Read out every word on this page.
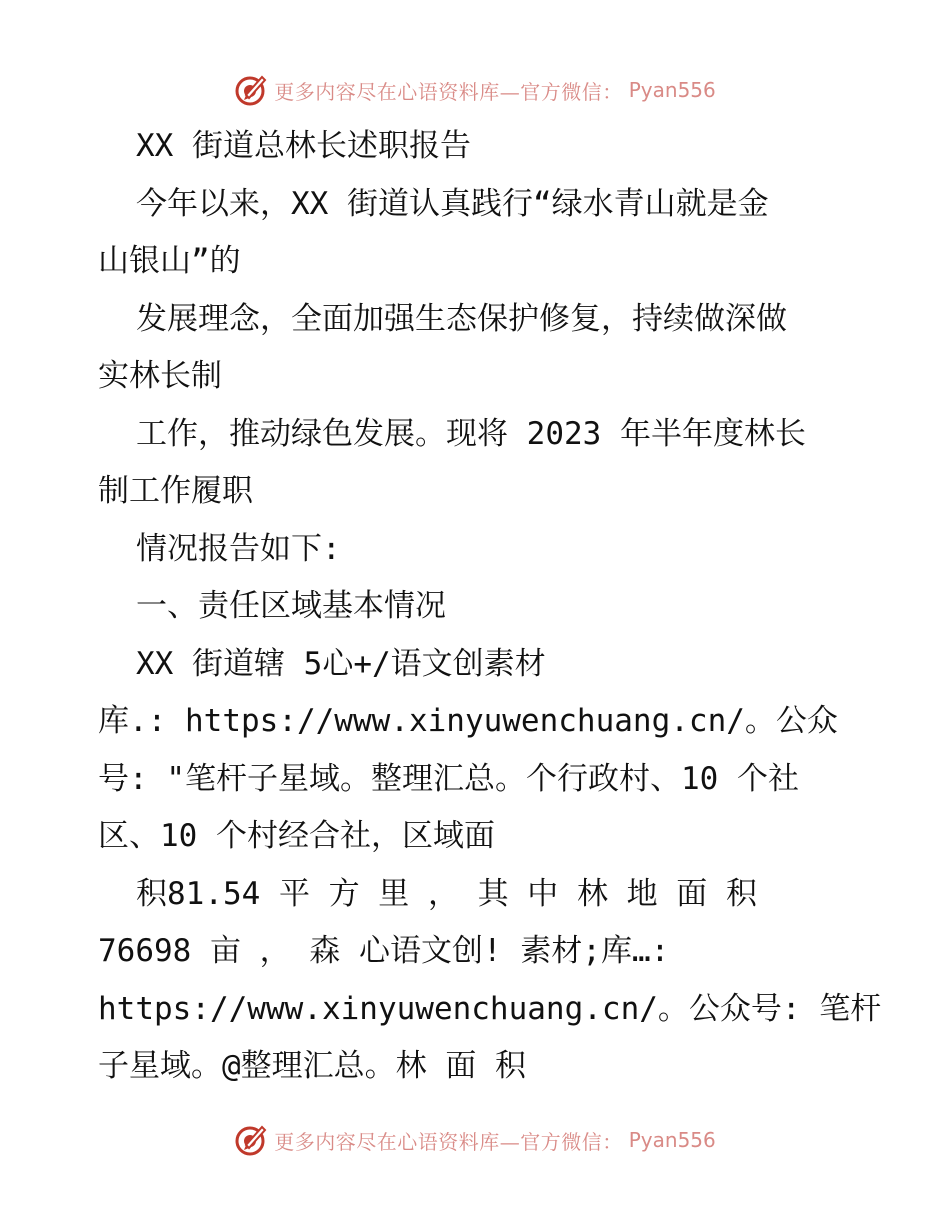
更多内容尽在心语资料库—官方微信： Pyan556
XX 街道总林长述职报告
今年以来，XX 街道认真践行“绿水青山就是金
山银山”的
发展理念，全面加强生态保护修复，持续做深做
实林长制
工作，推动绿色发展。现将 2023 年半年度林长
制工作履职
情况报告如下:
一、责任区域基本情况
XX 街道辖 5心+/语文创素材
库.: https://www.xinyuwenchuang.cn/。公众
号: "笔杆子星域。整理汇总。个行政村、10 个社
区、10 个村经合社，区域面
积81.54 平 方 里 ， 其 中 林 地 面 积
76698 亩 ， 森 心语文创! 素材;库…:
https://www.xinyuwenchuang.cn/。公众号: 笔杆
子星域。@整理汇总。林 面 积
更多内容尽在心语资料库—官方微信： Pyan556
